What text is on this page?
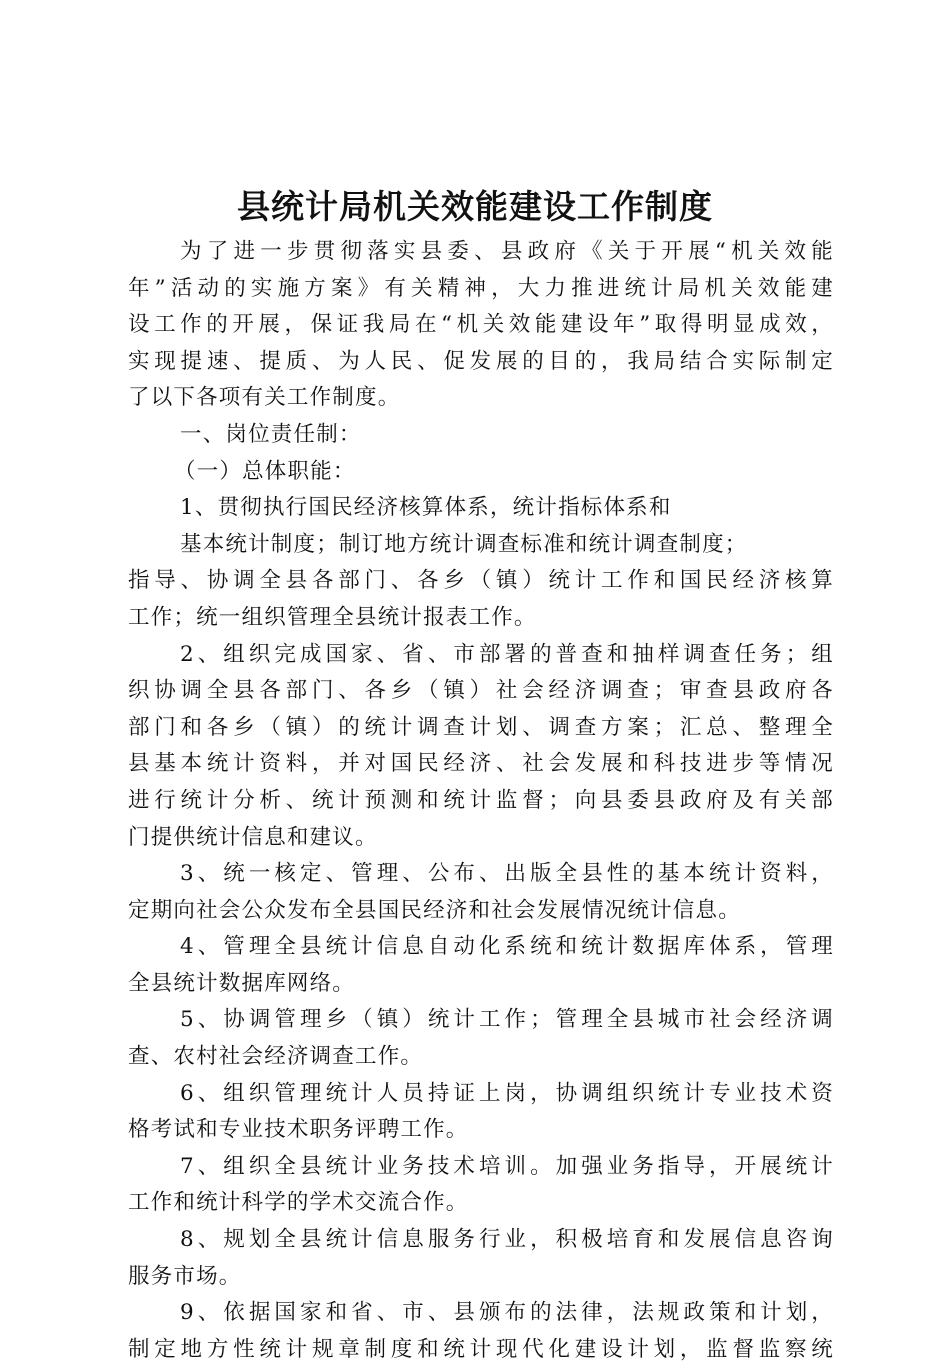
县统计局机关效能建设工作制度

为了进一步贯彻落实县委、县政府《关于开展“机关效能

年”活动的实施方案》有关精神，大力推进统计局机关效能建

设工作的开展，保证我局在“机关效能建设年”取得明显成效，

实现提速、提质、为人民、促发展的目的，我局结合实际制定

了以下各项有关工作制度。

一、岗位责任制：

（一）总体职能：

1、贯彻执行国民经济核算体系，统计指标体系和

基本统计制度；制订地方统计调查标准和统计调查制度；

指导、协调全县各部门、各乡（镇）统计工作和国民经济核算

工作；统一组织管理全县统计报表工作。

2、组织完成国家、省、市部署的普查和抽样调查任务；组

织协调全县各部门、各乡（镇）社会经济调查；审查县政府各

部门和各乡（镇）的统计调查计划、调查方案；汇总、整理全

县基本统计资料，并对国民经济、社会发展和科技进步等情况

进行统计分析、统计预测和统计监督；向县委县政府及有关部

门提供统计信息和建议。

3、统一核定、管理、公布、出版全县性的基本统计资料，

定期向社会公众发布全县国民经济和社会发展情况统计信息。

4、管理全县统计信息自动化系统和统计数据库体系，管理

全县统计数据库网络。

5、协调管理乡（镇）统计工作；管理全县城市社会经济调

查、农村社会经济调查工作。

6、组织管理统计人员持证上岗，协调组织统计专业技术资

格考试和专业技术职务评聘工作。

7、组织全县统计业务技术培训。加强业务指导，开展统计

工作和统计科学的学术交流合作。

8、规划全县统计信息服务行业，积极培育和发展信息咨询

服务市场。

9、依据国家和省、市、县颁布的法律，法规政策和计划，

制定地方性统计规章制度和统计现代化建设计划，监督监察统
